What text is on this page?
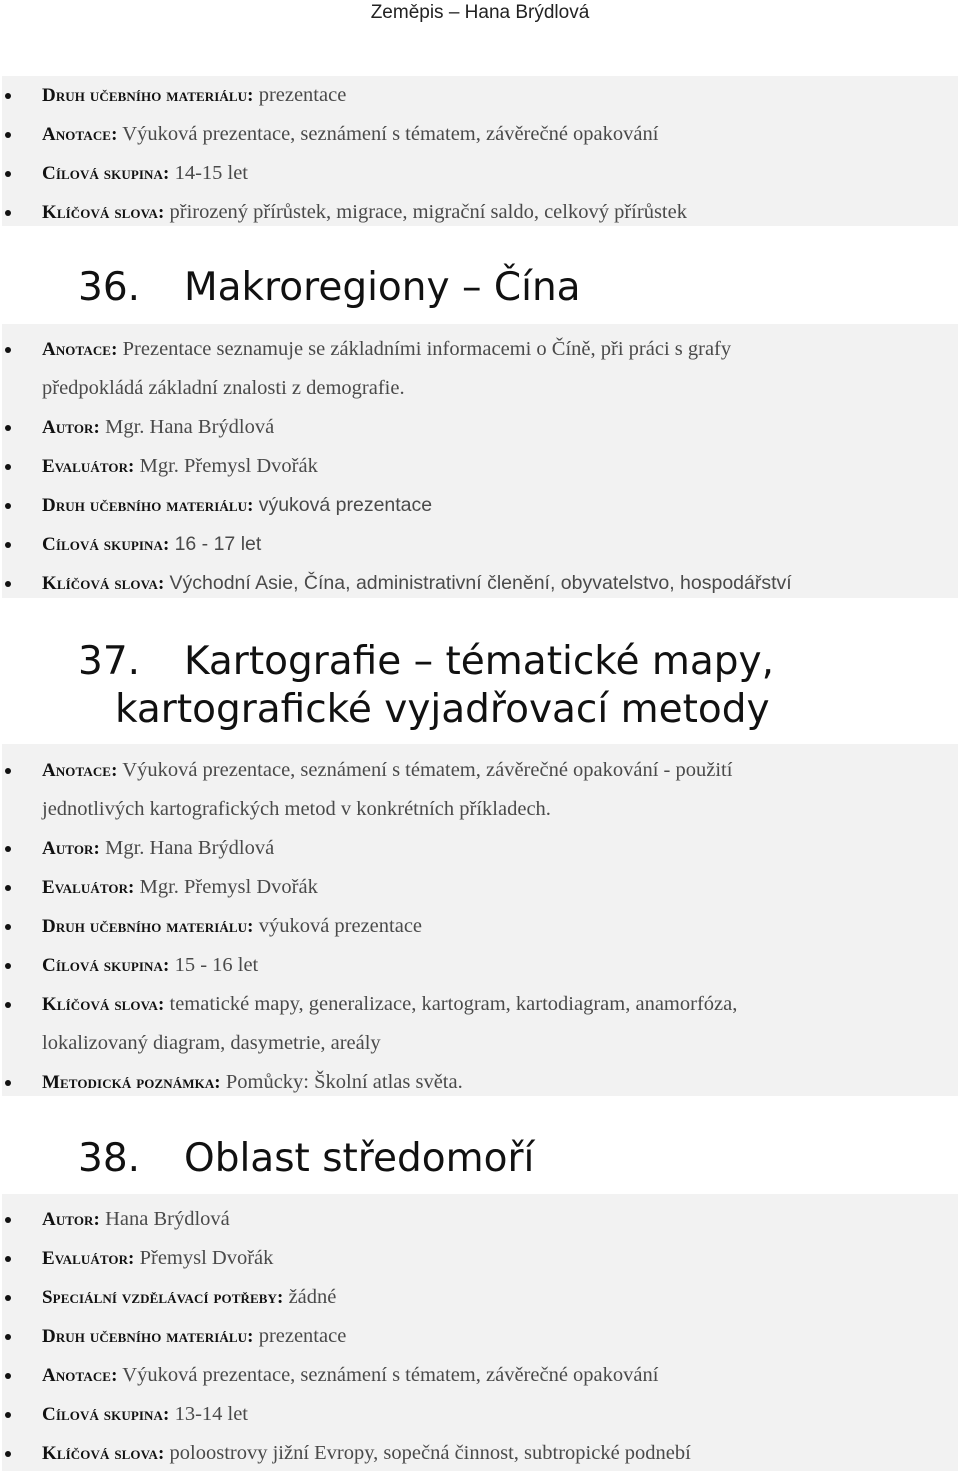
Zeměpis – Hana Brýdlová
Druh učebního materiálu: prezentace
Anotace: Výuková prezentace, seznámení s tématem, závěrečné opakování
Cílová skupina: 14-15 let
Klíčová slova: přirozený přírůstek, migrace, migrační saldo, celkový přírůstek
36. Makroregiony – Čína
Anotace: Prezentace seznamuje se základními informacemi o Číně, při práci s grafy
předpokládá základní znalosti z demografie.
Autor: Mgr. Hana Brýdlová
Evaluátor: Mgr. Přemysl Dvořák
Druh učebního materiálu: výuková prezentace
Cílová skupina: 16 - 17 let
Klíčová slova: Východní Asie, Čína, administrativní členění, obyvatelstvo, hospodářství
37. Kartografie – tématické mapy,
kartografické vyjadřovací metody
Anotace: Výuková prezentace, seznámení s tématem, závěrečné opakování - použití
jednotlivých kartografických metod v konkrétních příkladech.
Autor: Mgr. Hana Brýdlová
Evaluátor: Mgr. Přemysl Dvořák
Druh učebního materiálu: výuková prezentace
Cílová skupina: 15 - 16 let
Klíčová slova: tematické mapy, generalizace, kartogram, kartodiagram, anamorfóza,
lokalizovaný diagram, dasymetrie, areály
Metodická poznámka: Pomůcky: Školní atlas světa.
38. Oblast středomoří
Autor: Hana Brýdlová
Evaluátor: Přemysl Dvořák
Speciální vzdělávací potřeby: žádné
Druh učebního materiálu: prezentace
Anotace: Výuková prezentace, seznámení s tématem, závěrečné opakování
Cílová skupina: 13-14 let
Klíčová slova: poloostrovy jižní Evropy, sopečná činnost, subtropické podnebí
